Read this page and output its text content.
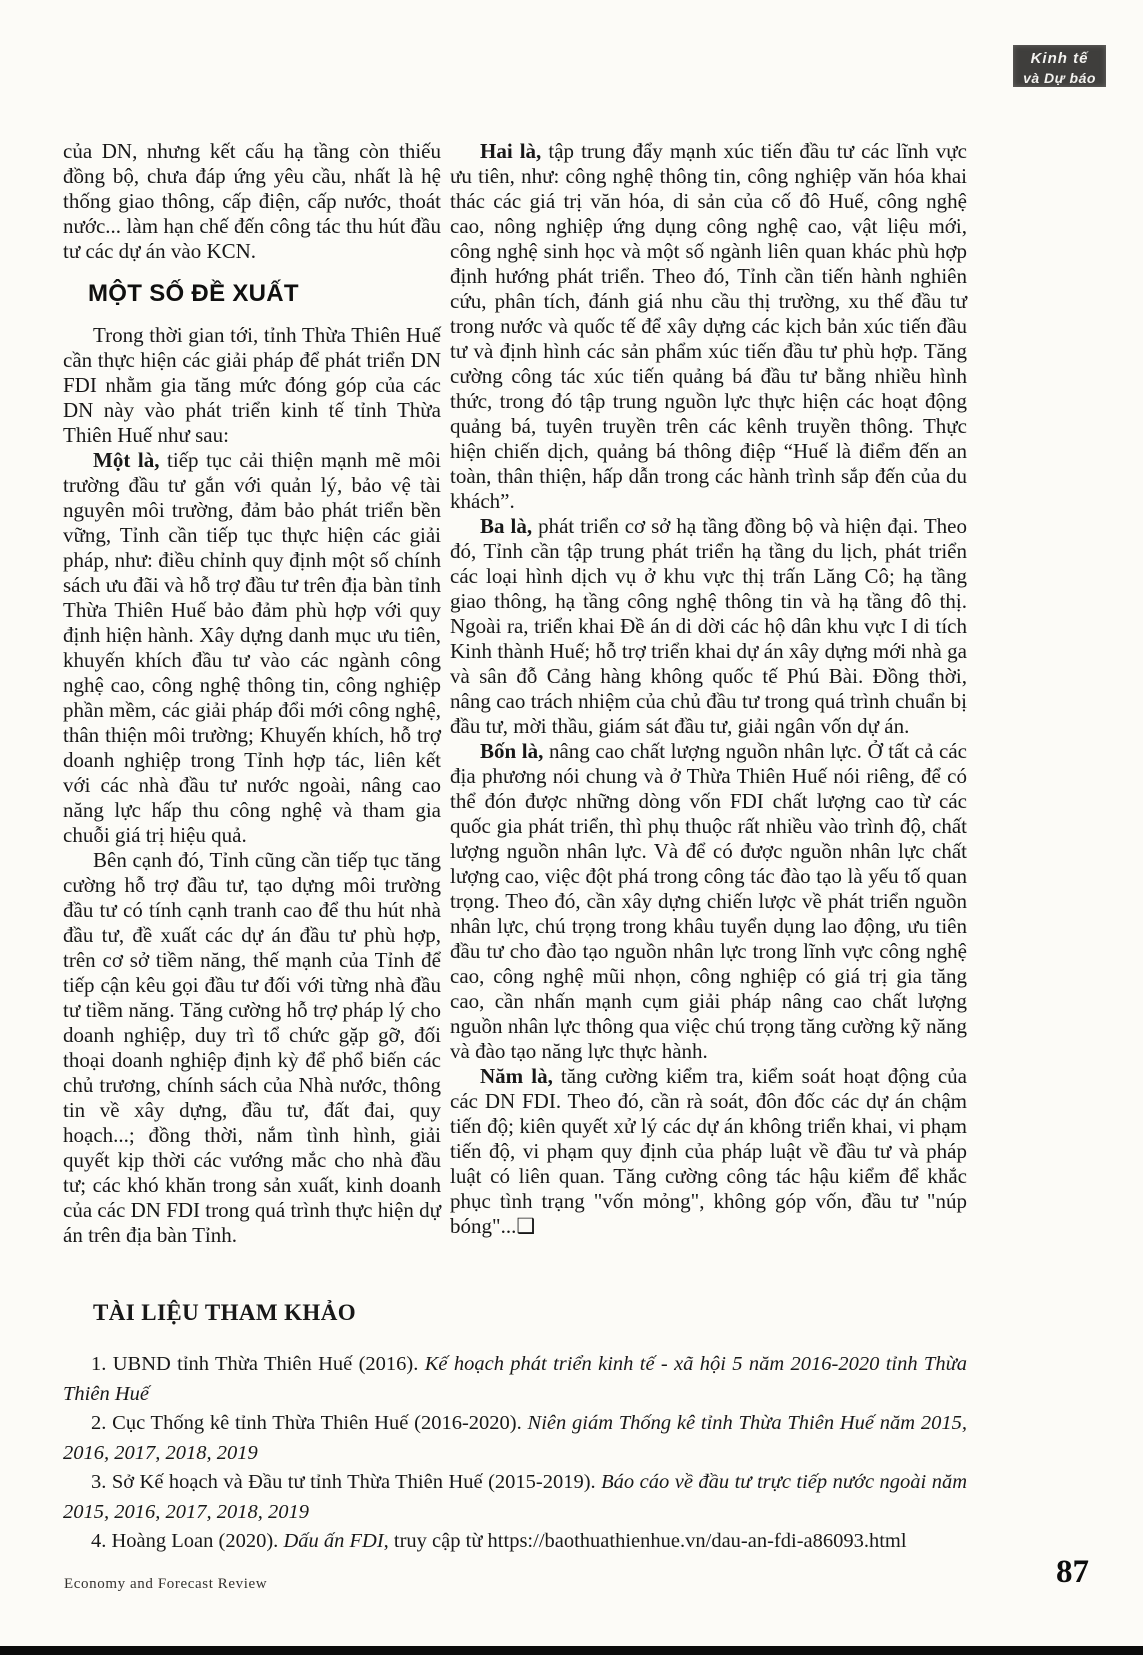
Kinh tế
và Dự báo

của DN, nhưng kết cấu hạ tầng còn thiếu đồng bộ, chưa đáp ứng yêu cầu, nhất là hệ thống giao thông, cấp điện, cấp nước, thoát nước... làm hạn chế đến công tác thu hút đầu tư các dự án vào KCN.

MỘT SỐ ĐỀ XUẤT

Trong thời gian tới, tỉnh Thừa Thiên Huế cần thực hiện các giải pháp để phát triển DN FDI nhằm gia tăng mức đóng góp của các DN này vào phát triển kinh tế tỉnh Thừa Thiên Huế như sau:

Một là, tiếp tục cải thiện mạnh mẽ môi trường đầu tư gắn với quản lý, bảo vệ tài nguyên môi trường, đảm bảo phát triển bền vững, Tỉnh cần tiếp tục thực hiện các giải pháp, như: điều chỉnh quy định một số chính sách ưu đãi và hỗ trợ đầu tư trên địa bàn tỉnh Thừa Thiên Huế bảo đảm phù hợp với quy định hiện hành. Xây dựng danh mục ưu tiên, khuyến khích đầu tư vào các ngành công nghệ cao, công nghệ thông tin, công nghiệp phần mềm, các giải pháp đổi mới công nghệ, thân thiện môi trường; Khuyến khích, hỗ trợ doanh nghiệp trong Tỉnh hợp tác, liên kết với các nhà đầu tư nước ngoài, nâng cao năng lực hấp thu công nghệ và tham gia chuỗi giá trị hiệu quả.

Bên cạnh đó, Tỉnh cũng cần tiếp tục tăng cường hỗ trợ đầu tư, tạo dựng môi trường đầu tư có tính cạnh tranh cao để thu hút nhà đầu tư, đề xuất các dự án đầu tư phù hợp, trên cơ sở tiềm năng, thế mạnh của Tỉnh để tiếp cận kêu gọi đầu tư đối với từng nhà đầu tư tiềm năng. Tăng cường hỗ trợ pháp lý cho doanh nghiệp, duy trì tổ chức gặp gỡ, đối thoại doanh nghiệp định kỳ để phổ biến các chủ trương, chính sách của Nhà nước, thông tin về xây dựng, đầu tư, đất đai, quy hoạch...; đồng thời, nắm tình hình, giải quyết kịp thời các vướng mắc cho nhà đầu tư; các khó khăn trong sản xuất, kinh doanh của các DN FDI trong quá trình thực hiện dự án trên địa bàn Tỉnh.

Hai là, tập trung đẩy mạnh xúc tiến đầu tư các lĩnh vực ưu tiên, như: công nghệ thông tin, công nghiệp văn hóa khai thác các giá trị văn hóa, di sản của cố đô Huế, công nghệ cao, nông nghiệp ứng dụng công nghệ cao, vật liệu mới, công nghệ sinh học và một số ngành liên quan khác phù hợp định hướng phát triển. Theo đó, Tỉnh cần tiến hành nghiên cứu, phân tích, đánh giá nhu cầu thị trường, xu thế đầu tư trong nước và quốc tế để xây dựng các kịch bản xúc tiến đầu tư và định hình các sản phẩm xúc tiến đầu tư phù hợp. Tăng cường công tác xúc tiến quảng bá đầu tư bằng nhiều hình thức, trong đó tập trung nguồn lực thực hiện các hoạt động quảng bá, tuyên truyền trên các kênh truyền thông. Thực hiện chiến dịch, quảng bá thông điệp “Huế là điểm đến an toàn, thân thiện, hấp dẫn trong các hành trình sắp đến của du khách”.

Ba là, phát triển cơ sở hạ tầng đồng bộ và hiện đại. Theo đó, Tỉnh cần tập trung phát triển hạ tầng du lịch, phát triển các loại hình dịch vụ ở khu vực thị trấn Lăng Cô; hạ tầng giao thông, hạ tầng công nghệ thông tin và hạ tầng đô thị. Ngoài ra, triển khai Đề án di dời các hộ dân khu vực I di tích Kinh thành Huế; hỗ trợ triển khai dự án xây dựng mới nhà ga và sân đỗ Cảng hàng không quốc tế Phú Bài. Đồng thời, nâng cao trách nhiệm của chủ đầu tư trong quá trình chuẩn bị đầu tư, mời thầu, giám sát đầu tư, giải ngân vốn dự án.

Bốn là, nâng cao chất lượng nguồn nhân lực. Ở tất cả các địa phương nói chung và ở Thừa Thiên Huế nói riêng, để có thể đón được những dòng vốn FDI chất lượng cao từ các quốc gia phát triển, thì phụ thuộc rất nhiều vào trình độ, chất lượng nguồn nhân lực. Và để có được nguồn nhân lực chất lượng cao, việc đột phá trong công tác đào tạo là yếu tố quan trọng. Theo đó, cần xây dựng chiến lược về phát triển nguồn nhân lực, chú trọng trong khâu tuyển dụng lao động, ưu tiên đầu tư cho đào tạo nguồn nhân lực trong lĩnh vực công nghệ cao, công nghệ mũi nhọn, công nghiệp có giá trị gia tăng cao, cần nhấn mạnh cụm giải pháp nâng cao chất lượng nguồn nhân lực thông qua việc chú trọng tăng cường kỹ năng và đào tạo năng lực thực hành.

Năm là, tăng cường kiểm tra, kiểm soát hoạt động của các DN FDI. Theo đó, cần rà soát, đôn đốc các dự án chậm tiến độ; kiên quyết xử lý các dự án không triển khai, vi phạm tiến độ, vi phạm quy định của pháp luật về đầu tư và pháp luật có liên quan. Tăng cường công tác hậu kiểm để khắc phục tình trạng "vốn mỏng", không góp vốn, đầu tư "núp bóng"...❑

TÀI LIỆU THAM KHẢO

1. UBND tỉnh Thừa Thiên Huế (2016). Kế hoạch phát triển kinh tế - xã hội 5 năm 2016-2020 tỉnh Thừa Thiên Huế

2. Cục Thống kê tỉnh Thừa Thiên Huế (2016-2020). Niên giám Thống kê tỉnh Thừa Thiên Huế năm 2015, 2016, 2017, 2018, 2019

3. Sở Kế hoạch và Đầu tư tỉnh Thừa Thiên Huế (2015-2019). Báo cáo về đầu tư trực tiếp nước ngoài năm 2015, 2016, 2017, 2018, 2019

4. Hoàng Loan (2020). Dấu ấn FDI, truy cập từ https://baothuathienhue.vn/dau-an-fdi-a86093.html

Economy and Forecast Review	87
